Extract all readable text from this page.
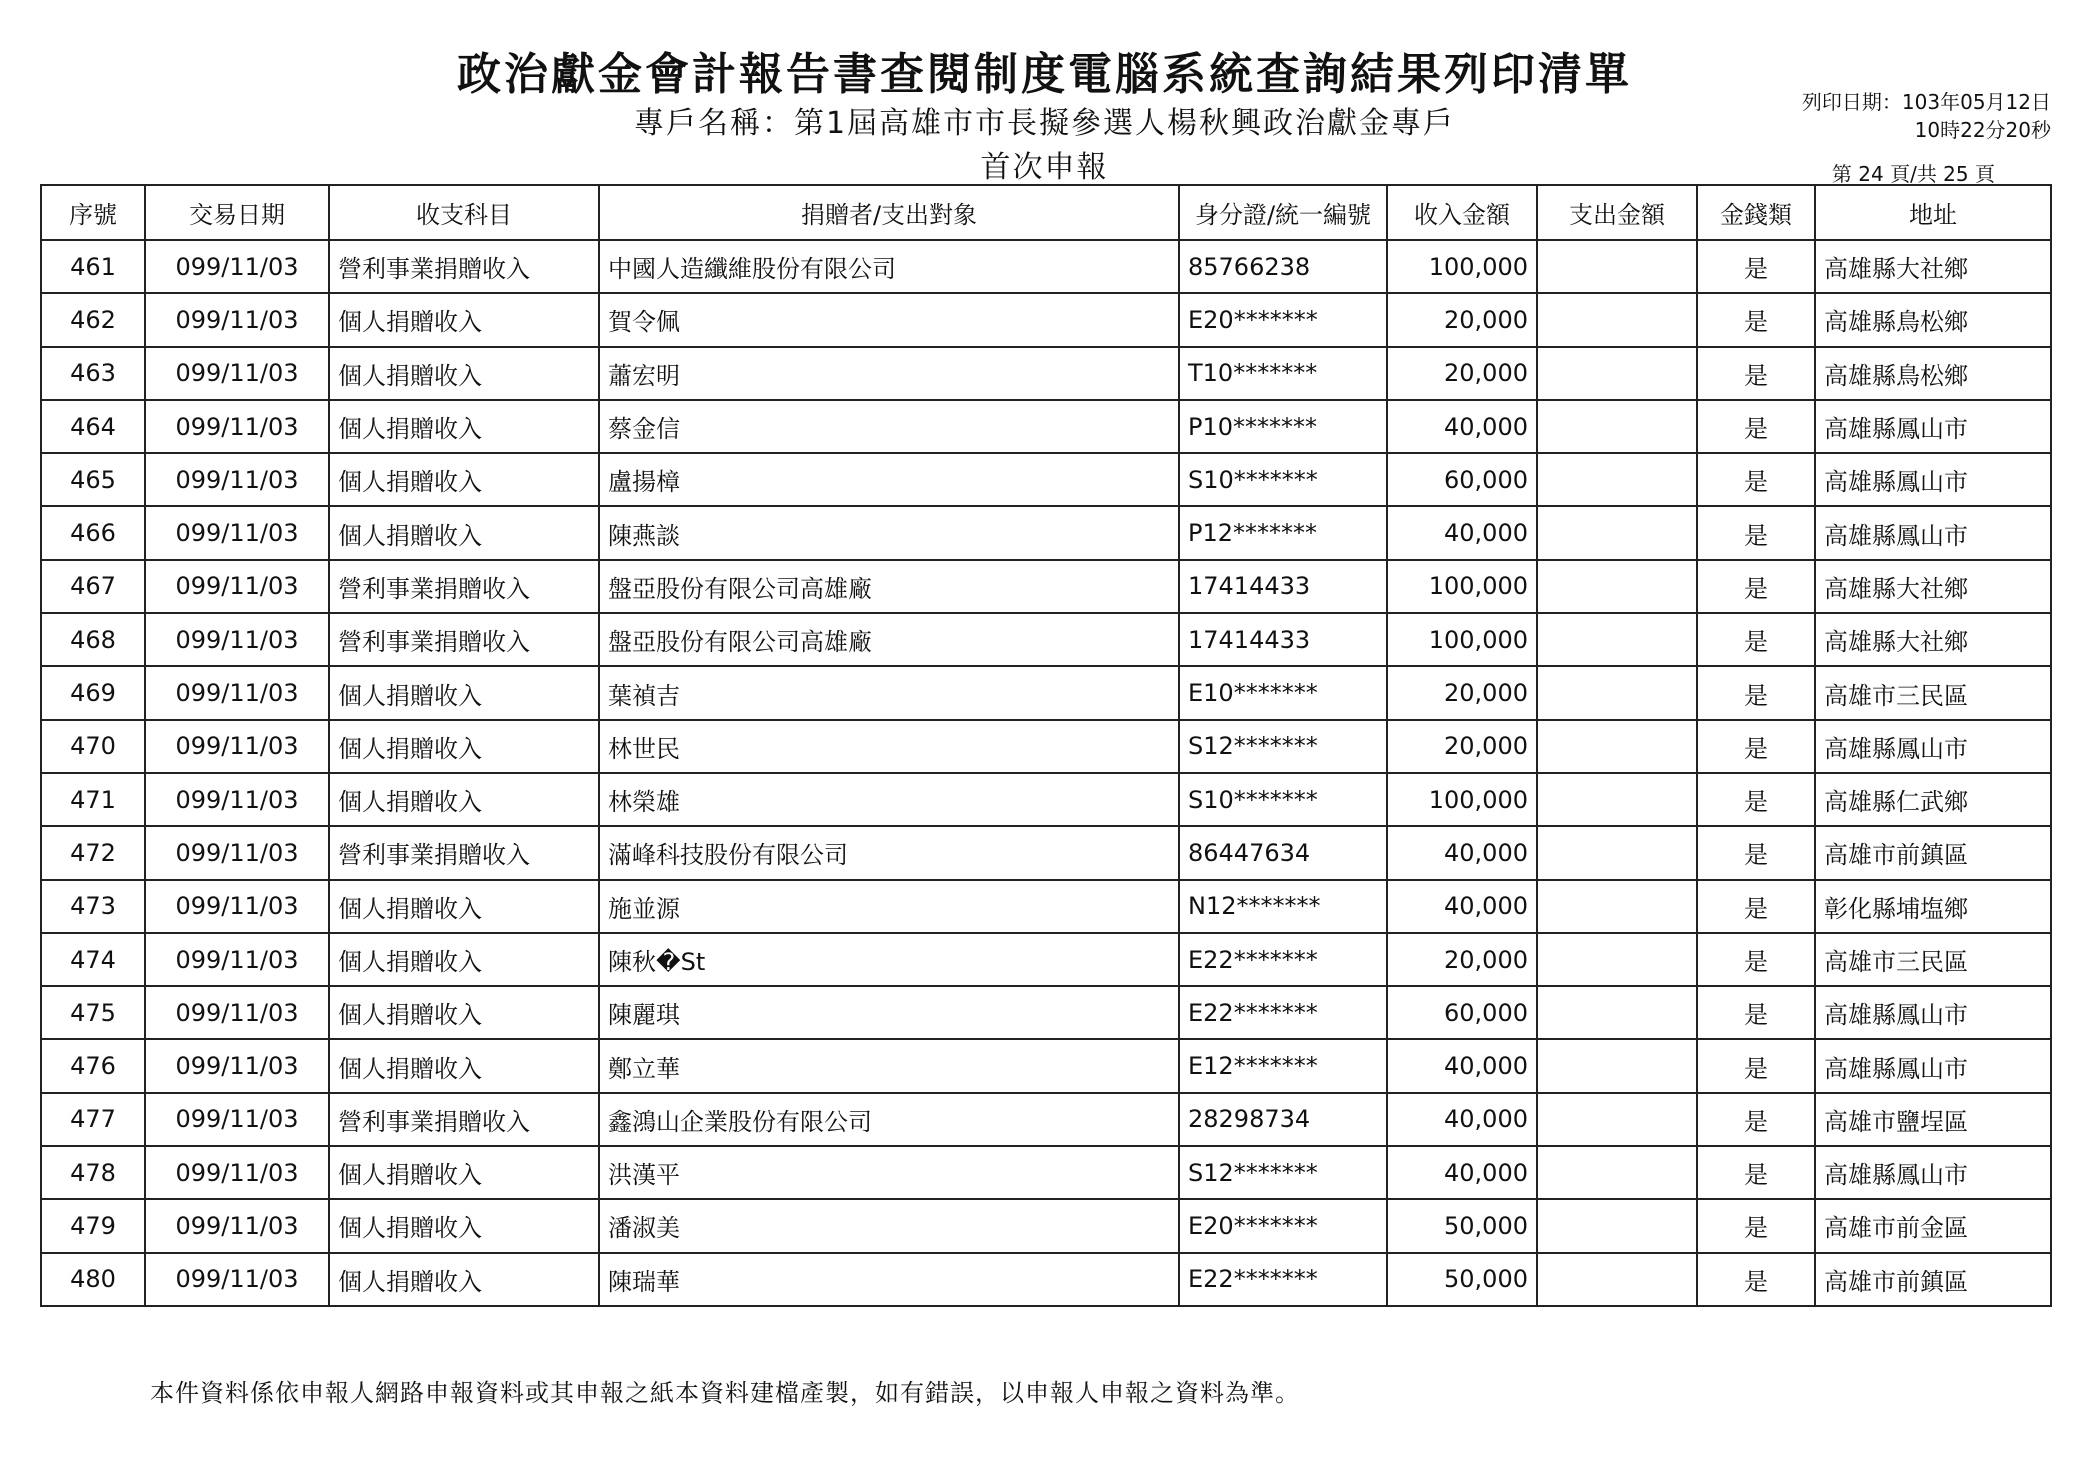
政治獻金會計報告書查閱制度電腦系統查詢結果列印清單
專戶名稱：第1屆高雄市市長擬參選人楊秋興政治獻金專戶
首次申報
列印日期：103年05月12日
10時22分20秒
第 24 頁/共 25 頁
序號	交易日期	收支科目	捐贈者/支出對象	身分證/統一編號	收入金額	支出金額	金錢類	地址
461	099/11/03	營利事業捐贈收入	中國人造纖維股份有限公司	85766238	100,000		是	高雄縣大社鄉
462	099/11/03	個人捐贈收入	賀令佩	E20*******	20,000		是	高雄縣鳥松鄉
463	099/11/03	個人捐贈收入	蕭宏明	T10*******	20,000		是	高雄縣鳥松鄉
464	099/11/03	個人捐贈收入	蔡金信	P10*******	40,000		是	高雄縣鳳山市
465	099/11/03	個人捐贈收入	盧揚樟	S10*******	60,000		是	高雄縣鳳山市
466	099/11/03	個人捐贈收入	陳燕談	P12*******	40,000		是	高雄縣鳳山市
467	099/11/03	營利事業捐贈收入	盤亞股份有限公司高雄廠	17414433	100,000		是	高雄縣大社鄉
468	099/11/03	營利事業捐贈收入	盤亞股份有限公司高雄廠	17414433	100,000		是	高雄縣大社鄉
469	099/11/03	個人捐贈收入	葉禎吉	E10*******	20,000		是	高雄市三民區
470	099/11/03	個人捐贈收入	林世民	S12*******	20,000		是	高雄縣鳳山市
471	099/11/03	個人捐贈收入	林榮雄	S10*******	100,000		是	高雄縣仁武鄉
472	099/11/03	營利事業捐贈收入	滿峰科技股份有限公司	86447634	40,000		是	高雄市前鎮區
473	099/11/03	個人捐贈收入	施並源	N12*******	40,000		是	彰化縣埔塩鄉
474	099/11/03	個人捐贈收入	陳秋�St	E22*******	20,000		是	高雄市三民區
475	099/11/03	個人捐贈收入	陳麗琪	E22*******	60,000		是	高雄縣鳳山市
476	099/11/03	個人捐贈收入	鄭立華	E12*******	40,000		是	高雄縣鳳山市
477	099/11/03	營利事業捐贈收入	鑫鴻山企業股份有限公司	28298734	40,000		是	高雄市鹽埕區
478	099/11/03	個人捐贈收入	洪漢平	S12*******	40,000		是	高雄縣鳳山市
479	099/11/03	個人捐贈收入	潘淑美	E20*******	50,000		是	高雄市前金區
480	099/11/03	個人捐贈收入	陳瑞華	E22*******	50,000		是	高雄市前鎮區
本件資料係依申報人網路申報資料或其申報之紙本資料建檔產製，如有錯誤，以申報人申報之資料為準。
